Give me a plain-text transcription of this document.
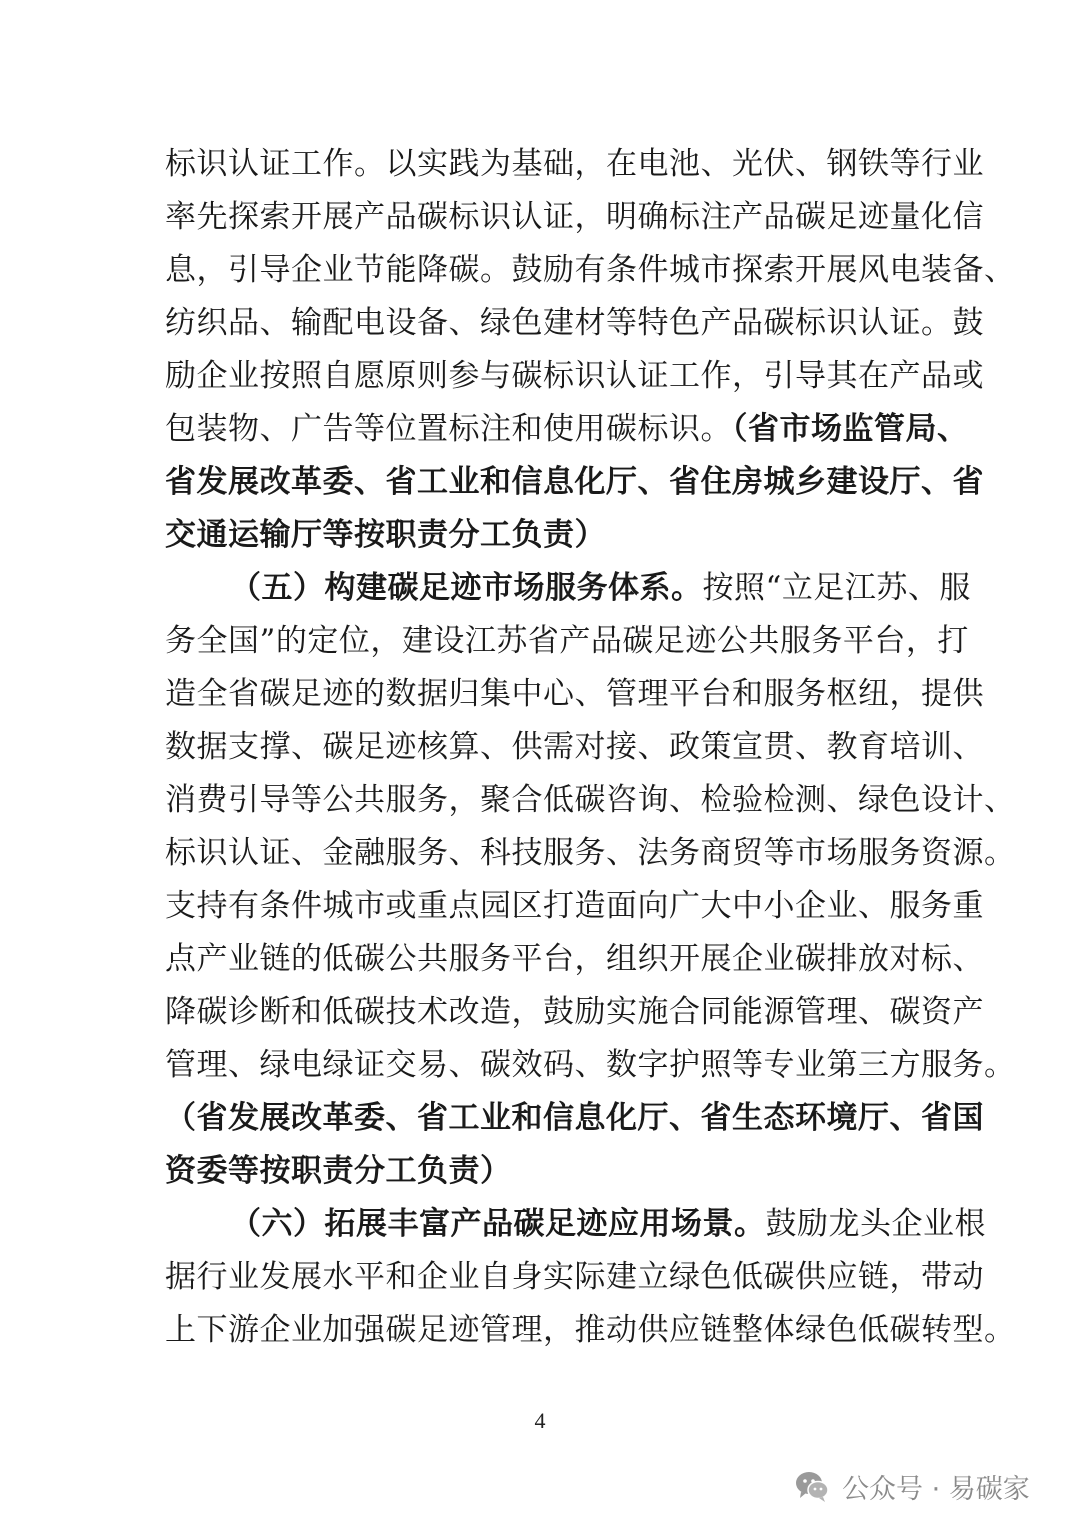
标识认证工作。以实践为基础，在电池、光伏、钢铁等行业
率先探索开展产品碳标识认证，明确标注产品碳足迹量化信
息，引导企业节能降碳。鼓励有条件城市探索开展风电装备、
纺织品、输配电设备、绿色建材等特色产品碳标识认证。鼓
励企业按照自愿原则参与碳标识认证工作，引导其在产品或
包装物、广告等位置标注和使用碳标识。（省市场监管局、
省发展改革委、省工业和信息化厅、省住房城乡建设厅、省
交通运输厅等按职责分工负责）
（五）构建碳足迹市场服务体系。按照“立足江苏、服
务全国”的定位，建设江苏省产品碳足迹公共服务平台，打
造全省碳足迹的数据归集中心、管理平台和服务枢纽，提供
数据支撑、碳足迹核算、供需对接、政策宣贯、教育培训、
消费引导等公共服务，聚合低碳咨询、检验检测、绿色设计、
标识认证、金融服务、科技服务、法务商贸等市场服务资源。
支持有条件城市或重点园区打造面向广大中小企业、服务重
点产业链的低碳公共服务平台，组织开展企业碳排放对标、
降碳诊断和低碳技术改造，鼓励实施合同能源管理、碳资产
管理、绿电绿证交易、碳效码、数字护照等专业第三方服务。
（省发展改革委、省工业和信息化厅、省生态环境厅、省国
资委等按职责分工负责）
（六）拓展丰富产品碳足迹应用场景。鼓励龙头企业根
据行业发展水平和企业自身实际建立绿色低碳供应链，带动
上下游企业加强碳足迹管理，推动供应链整体绿色低碳转型。
4
公众号 · 易碳家
